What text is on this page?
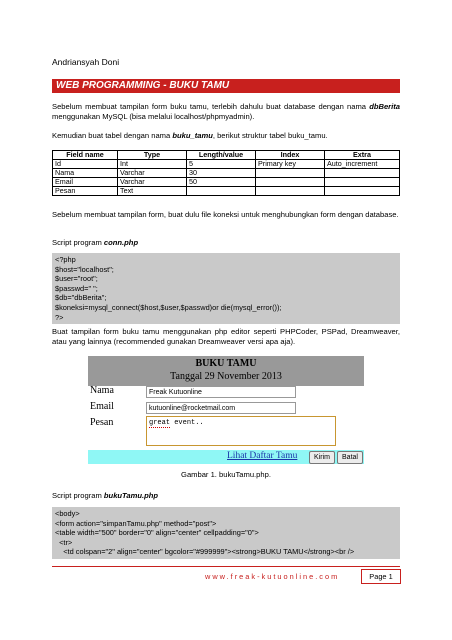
Andriansyah Doni
WEB PROGRAMMING - BUKU TAMU
Sebelum membuat tampilan form buku tamu, terlebih dahulu buat database dengan nama dbBerita menggunakan MySQL (bisa melalui localhost/phpmyadmin).
Kemudian buat tabel dengan nama buku_tamu, berikut struktur tabel buku_tamu.
Field name	Type	Length/value	Index	Extra
Id	Int	5	Primary key	Auto_increment
Nama	Varchar	30		
Email	Varchar	50		
Pesan	Text			
Sebelum membuat tampilan form, buat dulu file koneksi untuk menghubungkan form dengan database.
Script program conn.php
<?php
$host="localhost";
$user="root";
$passwd=" ";
$db="dbBerita";
$koneksi=mysql_connect($host,$user,$passwd)or die(mysql_error());
?>
Buat tampilan form buku tamu menggunakan php editor seperti PHPCoder, PSPad, Dreamweaver, atau yang lainnya (recommended gunakan Dreamweaver versi apa aja).
BUKU TAMU
Tanggal 29 November 2013
Nama	Freak Kutuonline
Email	kutuonline@rocketmail.com
Pesan	great event..
Lihat Daftar Tamu	Kirim	Batal
Gambar 1. bukuTamu.php.
Script program bukuTamu.php
<body>
<form action="simpanTamu.php" method="post">
<table width="500" border="0" align="center" cellpadding="0">
<tr>
<td colspan="2" align="center" bgcolor="#999999"><strong>BUKU TAMU</strong><br />
www.freak-kutuonline.com	Page 1
